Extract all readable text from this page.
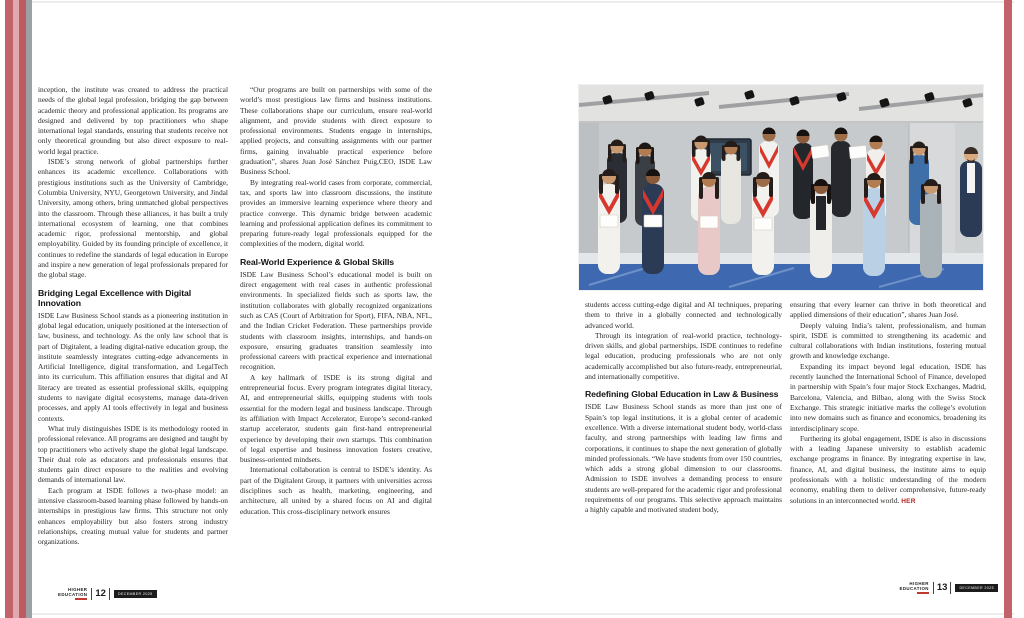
inception, the institute was created to address the practical needs of the global legal profession, bridging the gap between academic theory and professional application. Its programs are designed and delivered by top practitioners who shape international legal standards, ensuring that students receive not only theoretical grounding but also direct exposure to real-world legal practice.

ISDE’s strong network of global partnerships further enhances its academic excellence. Collaborations with prestigious institutions such as the University of Cambridge, Columbia University, NYU, Georgetown University, and Jindal University, among others, bring unmatched global perspectives into the classroom. Through these alliances, it has built a truly international ecosystem of learning, one that combines academic rigor, professional mentorship, and global employability. Guided by its founding principle of excellence, it continues to redefine the standards of legal education in Europe and inspire a new generation of legal professionals prepared for the global stage.

Bridging Legal Excellence with Digital Innovation

ISDE Law Business School stands as a pioneering institution in global legal education, uniquely positioned at the intersection of law, business, and technology. As the only law school that is part of Digitalent, a leading digital-native education group, the institute seamlessly integrates cutting-edge advancements in Artificial Intelligence, digital transformation, and LegalTech into its curriculum. This affiliation ensures that digital and AI literacy are treated as essential professional skills, equipping students to navigate digital ecosystems, manage data-driven processes, and apply AI tools effectively in legal and business contexts.

What truly distinguishes ISDE is its methodology rooted in professional relevance. All programs are designed and taught by top practitioners who actively shape the global legal landscape. Their dual role as educators and professionals ensures that students gain direct exposure to the realities and evolving demands of international law.

Each program at ISDE follows a two-phase model: an intensive classroom-based learning phase followed by hands-on internships in prestigious law firms. This structure not only enhances employability but also fosters strong industry relationships, creating mutual value for students and partner organizations.

“Our programs are built on partnerships with some of the world’s most prestigious law firms and business institutions. These collaborations shape our curriculum, ensure real-world alignment, and provide students with direct exposure to professional environments. Students engage in internships, applied projects, and consulting assignments with our partner firms, gaining invaluable practical experience before graduation”, shares Juan José Sánchez Puig,CEO, ISDE Law Business School.

By integrating real-world cases from corporate, commercial, tax, and sports law into classroom discussions, the institute provides an immersive learning experience where theory and practice converge. This dynamic bridge between academic learning and professional application defines its commitment to preparing future-ready legal professionals equipped for the complexities of the modern, digital world.

Real-World Experience & Global Skills

ISDE Law Business School’s educational model is built on direct engagement with real cases in authentic professional environments. In specialized fields such as sports law, the institution collaborates with globally recognized organizations such as CAS (Court of Arbitration for Sport), FIFA, NBA, NFL, and the Indian Cricket Federation. These partnerships provide students with classroom insights, internships, and hands-on exposure, ensuring graduates transition seamlessly into professional careers with practical experience and international recognition.

A key hallmark of ISDE is its strong digital and entrepreneurial focus. Every program integrates digital literacy, AI, and entrepreneurial skills, equipping students with tools essential for the modern legal and business landscape. Through its affiliation with Impact Accelerator, Europe’s second-ranked startup accelerator, students gain first-hand entrepreneurial experience by developing their own startups. This combination of legal expertise and business innovation fosters creative, business-oriented mindsets.

International collaboration is central to ISDE’s identity. As part of the Digitalent Group, it partners with universities across disciplines such as health, marketing, engineering, and architecture, all united by a shared focus on AI and digital education. This cross-disciplinary network ensures

HIGHER
EDUCATION 12	DECEMBER 2025

students access cutting-edge digital and AI techniques, preparing them to thrive in a globally connected and technologically advanced world.

Through its integration of real-world practice, technology-driven skills, and global partnerships, ISDE continues to redefine legal education, producing professionals who are not only academically accomplished but also future-ready, entrepreneurial, and internationally competitive.

Redefining Global Education in Law & Business

ISDE Law Business School stands as more than just one of Spain’s top legal institutions, it is a global center of academic excellence. With a diverse international student body, world-class faculty, and strong partnerships with leading law firms and corporations, it continues to shape the next generation of globally minded professionals. “We have students from over 150 countries, which adds a strong global dimension to our classrooms. Admission to ISDE involves a demanding process to ensure students are well-prepared for the academic rigor and professional requirements of our programs. This selective approach maintains a highly capable and motivated student body,

ensuring that every learner can thrive in both theoretical and applied dimensions of their education”, shares Juan José.

Deeply valuing India’s talent, professionalism, and human spirit, ISDE is committed to strengthening its academic and cultural collaborations with Indian institutions, fostering mutual growth and knowledge exchange.

Expanding its impact beyond legal education, ISDE has recently launched the International School of Finance, developed in partnership with Spain’s four major Stock Exchanges, Madrid, Barcelona, Valencia, and Bilbao, along with the Swiss Stock Exchange. This strategic initiative marks the college’s evolution into new domains such as finance and economics, broadening its interdisciplinary scope.

Furthering its global engagement, ISDE is also in discussions with a leading Japanese university to establish academic exchange programs in finance. By integrating expertise in law, finance, AI, and digital business, the institute aims to equip professionals with a holistic understanding of the modern economy, enabling them to deliver comprehensive, future-ready solutions in an interconnected world. HER

HIGHER
EDUCATION 13	DECEMBER 2025
